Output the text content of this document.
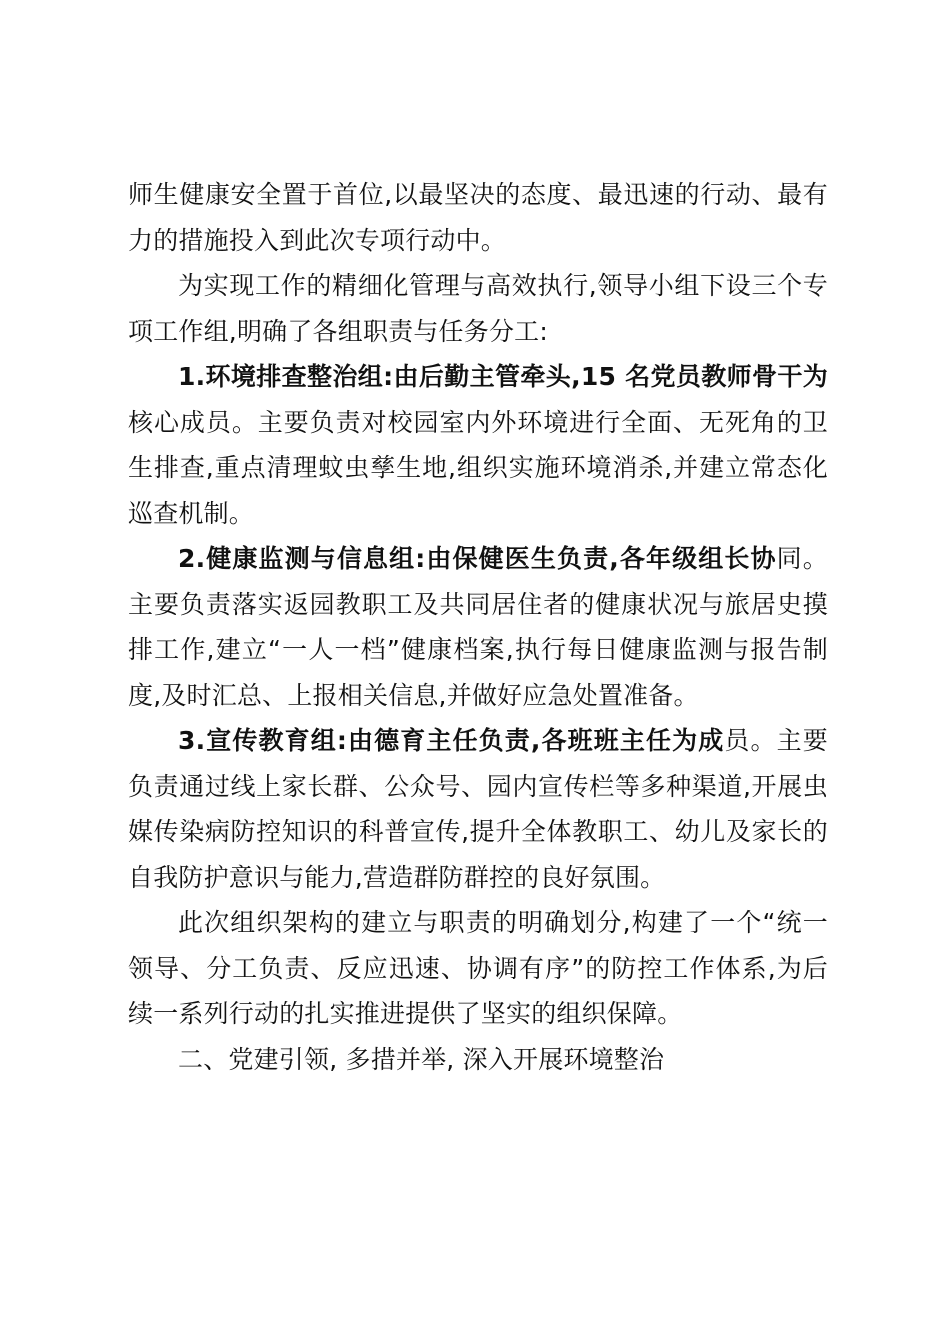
师生健康安全置于首位,以最坚决的态度、最迅速的行动、最有力的措施投入到此次专项行动中。

为实现工作的精细化管理与高效执行,领导小组下设三个专项工作组,明确了各组职责与任务分工:

1.环境排查整治组:由后勤主管牵头,15 名党员教师骨干为核心成员。主要负责对校园室内外环境进行全面、无死角的卫生排查,重点清理蚊虫孳生地,组织实施环境消杀,并建立常态化巡查机制。

2.健康监测与信息组:由保健医生负责,各年级组长协同。主要负责落实返园教职工及共同居住者的健康状况与旅居史摸排工作,建立“一人一档”健康档案,执行每日健康监测与报告制度,及时汇总、上报相关信息,并做好应急处置准备。

3.宣传教育组:由德育主任负责,各班班主任为成员。主要负责通过线上家长群、公众号、园内宣传栏等多种渠道,开展虫媒传染病防控知识的科普宣传,提升全体教职工、幼儿及家长的自我防护意识与能力,营造群防群控的良好氛围。

此次组织架构的建立与职责的明确划分,构建了一个“统一领导、分工负责、反应迅速、协调有序”的防控工作体系,为后续一系列行动的扎实推进提供了坚实的组织保障。

二、党建引领, 多措并举, 深入开展环境整治
